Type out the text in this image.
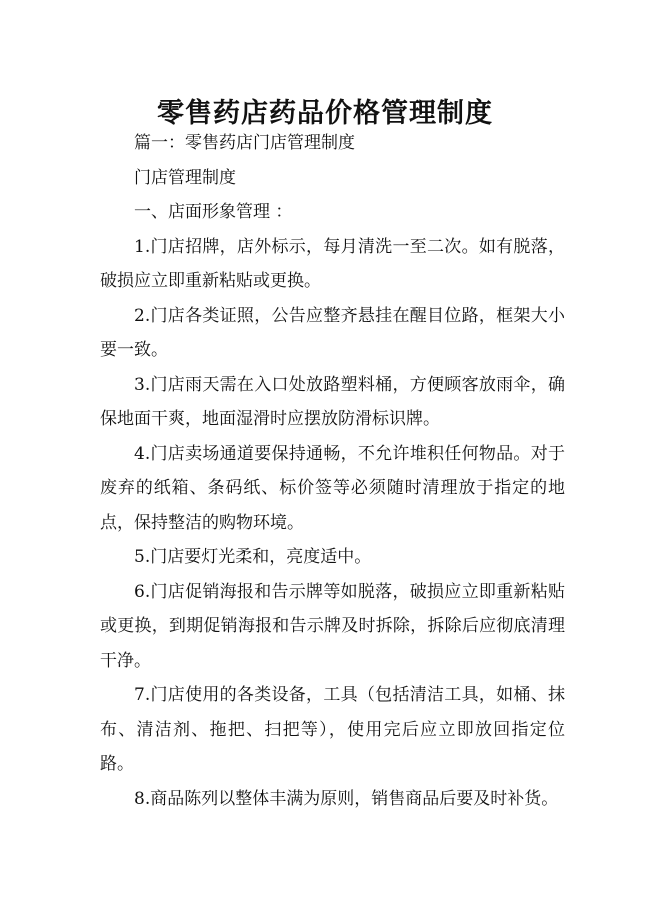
零售药店药品价格管理制度

篇一：零售药店门店管理制度

门店管理制度

一、店面形象管理 ：

1.门店招牌，店外标示，每月清洗一至二次。如有脱落，破损应立即重新粘贴或更换。

2.门店各类证照，公告应整齐悬挂在醒目位路，框架大小要一致。

3.门店雨天需在入口处放路塑料桶，方便顾客放雨伞，确保地面干爽，地面湿滑时应摆放防滑标识牌。

4.门店卖场通道要保持通畅，不允许堆积任何物品。对于废弃的纸箱、条码纸、标价签等必须随时清理放于指定的地点，保持整洁的购物环境。

5.门店要灯光柔和，亮度适中。

6.门店促销海报和告示牌等如脱落，破损应立即重新粘贴或更换，到期促销海报和告示牌及时拆除，拆除后应彻底清理干净。

7.门店使用的各类设备，工具（包括清洁工具，如桶、抹布、清洁剂、拖把、扫把等），使用完后应立即放回指定位路。

8.商品陈列以整体丰满为原则，销售商品后要及时补货。
